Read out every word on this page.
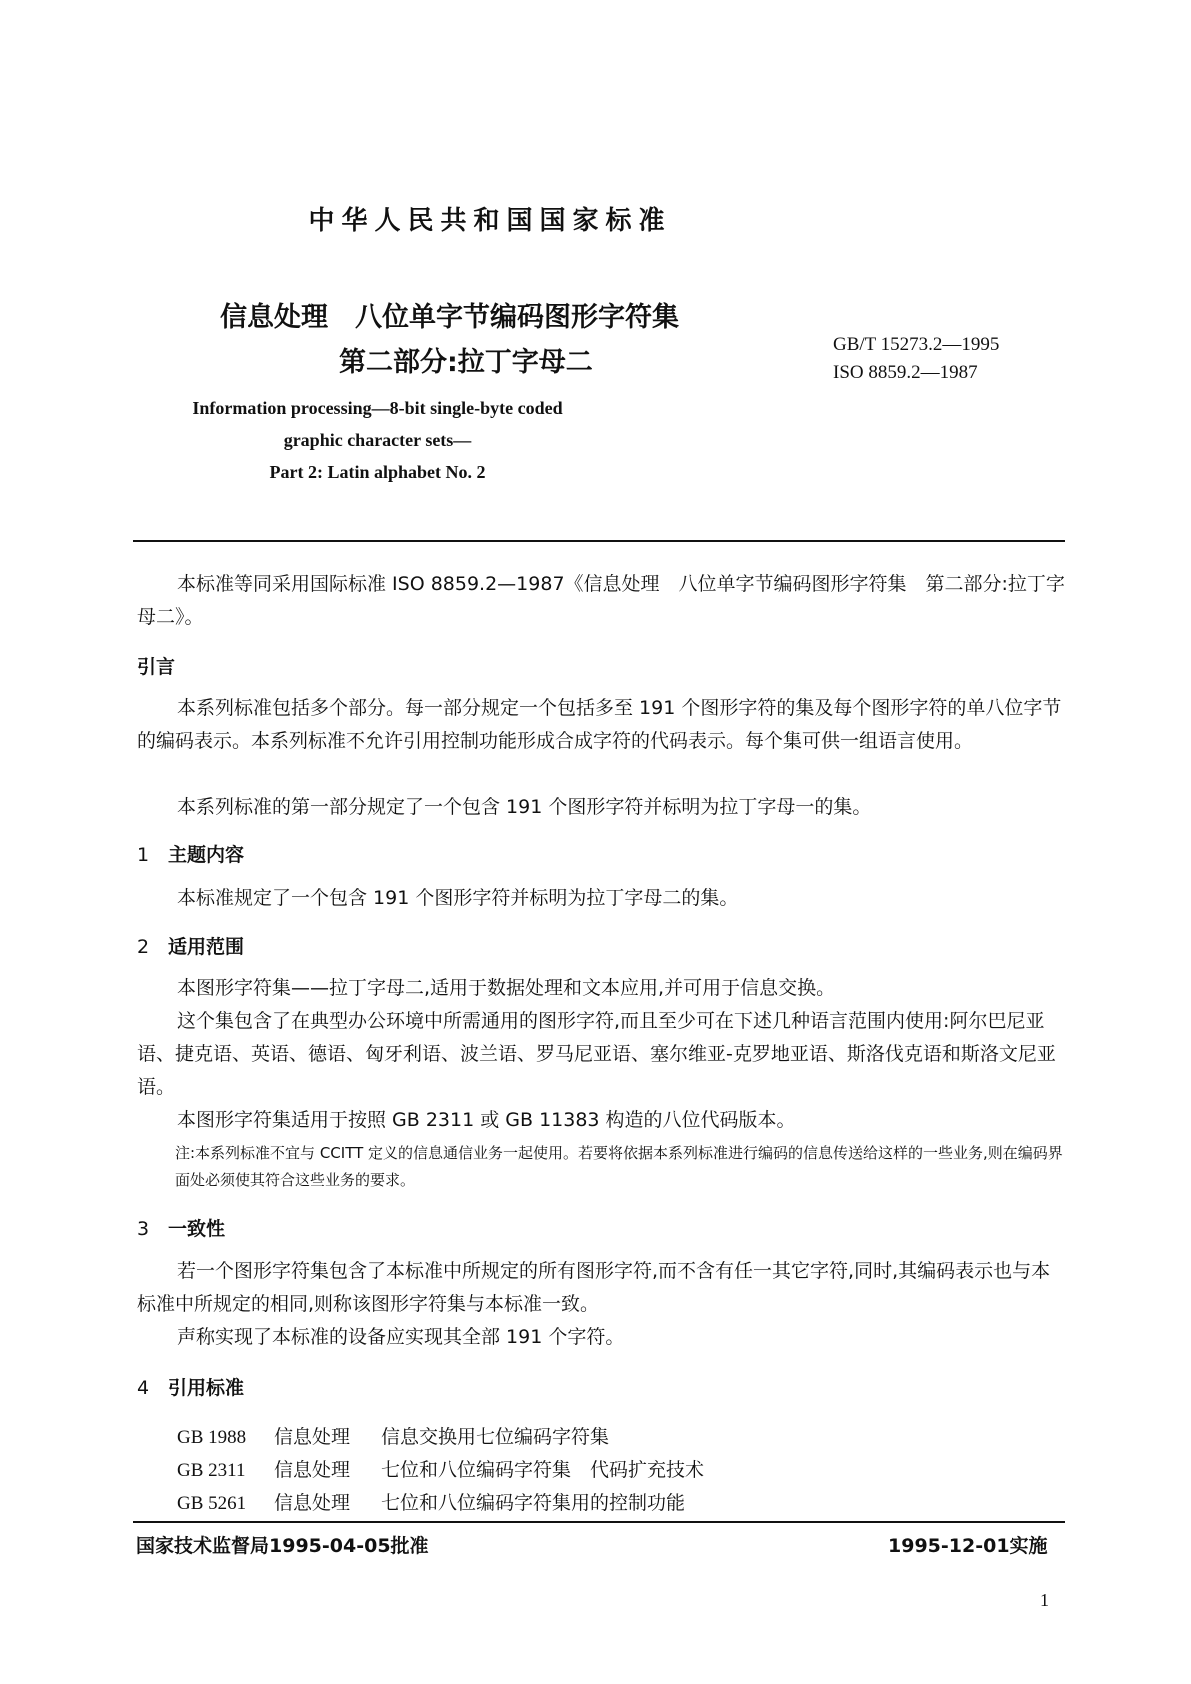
中华人民共和国国家标准
信息处理　八位单字节编码图形字符集
第二部分:拉丁字母二
GB/T 15273.2—1995
ISO 8859.2—1987
Information processing—8-bit single-byte coded
graphic character sets—
Part 2: Latin alphabet No. 2
本标准等同采用国际标准 ISO 8859.2—1987《信息处理　八位单字节编码图形字符集　第二部分:拉丁字母二》。
引言
本系列标准包括多个部分。每一部分规定一个包括多至 191 个图形字符的集及每个图形字符的单八位字节的编码表示。本系列标准不允许引用控制功能形成合成字符的代码表示。每个集可供一组语言使用。
本系列标准的第一部分规定了一个包含 191 个图形字符并标明为拉丁字母一的集。
1 主题内容
本标准规定了一个包含 191 个图形字符并标明为拉丁字母二的集。
2 适用范围
本图形字符集——拉丁字母二,适用于数据处理和文本应用,并可用于信息交换。
这个集包含了在典型办公环境中所需通用的图形字符,而且至少可在下述几种语言范围内使用:阿尔巴尼亚语、捷克语、英语、德语、匈牙利语、波兰语、罗马尼亚语、塞尔维亚-克罗地亚语、斯洛伐克语和斯洛文尼亚语。
本图形字符集适用于按照 GB 2311 或 GB 11383 构造的八位代码版本。
注:本系列标准不宜与 CCITT 定义的信息通信业务一起使用。若要将依据本系列标准进行编码的信息传送给这样的一些业务,则在编码界面处必须使其符合这些业务的要求。
3 一致性
若一个图形字符集包含了本标准中所规定的所有图形字符,而不含有任一其它字符,同时,其编码表示也与本标准中所规定的相同,则称该图形字符集与本标准一致。
声称实现了本标准的设备应实现其全部 191 个字符。
4 引用标准
GB 1988 信息处理 信息交换用七位编码字符集
GB 2311 信息处理 七位和八位编码字符集　代码扩充技术
GB 5261 信息处理 七位和八位编码字符集用的控制功能
国家技术监督局1995-04-05批准	1995-12-01实施
1
